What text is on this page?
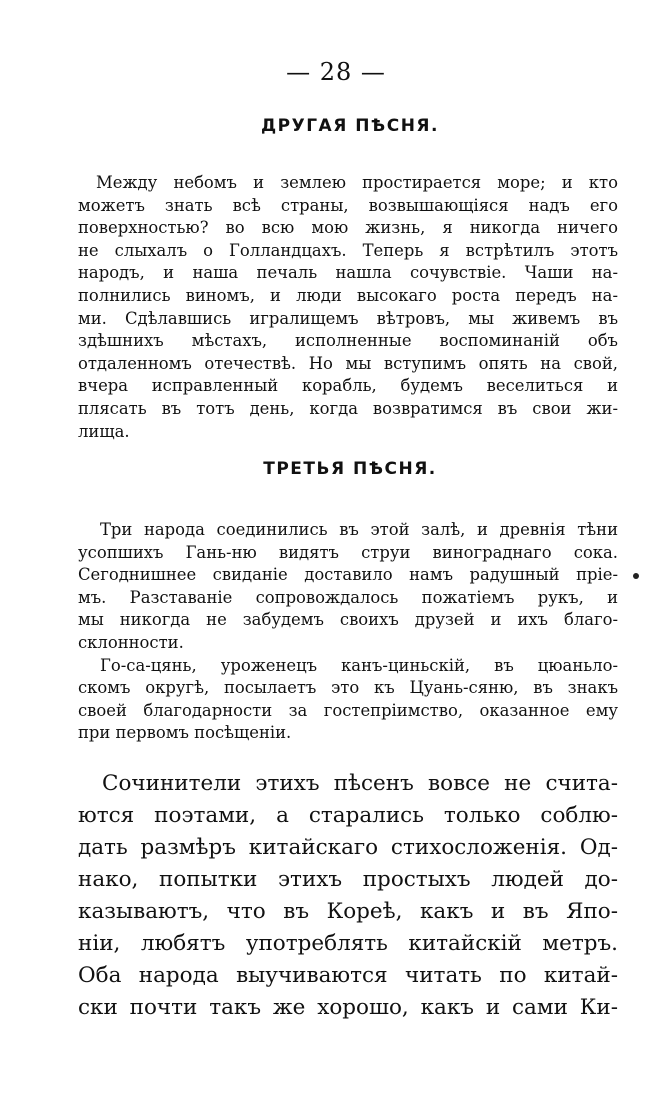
— 28 —
ДРУГАЯ ПѢСНЯ.
Между небомъ и землею простирается море; и кто
можетъ знать всѣ страны, возвышающіяся надъ его
поверхностью? во всю мою жизнь, я никогда ничего
не слыхалъ о Голландцахъ. Теперь я встрѣтилъ этотъ
народъ, и наша печаль нашла сочувствіе. Чаши на-
полнились виномъ, и люди высокаго роста передъ на-
ми. Сдѣлавшись игралищемъ вѣтровъ, мы живемъ въ
здѣшнихъ мѣстахъ, исполненные воспоминаній объ
отдаленномъ отечествѣ. Но мы вступимъ опять на свой,
вчера исправленный корабль, будемъ веселиться и
плясать въ тотъ день, когда возвратимся въ свои жи-
лища.
ТРЕТЬЯ ПѢСНЯ.
Три народа соединились въ этой залѣ, и древнія тѣни
усопшихъ Гань-ню видятъ струи винограднаго сока.
Сегоднишнее свиданіе доставило намъ радушный пріе-
мъ. Разставаніе сопровождалось пожатіемъ рукъ, и
мы никогда не забудемъ своихъ друзей и ихъ благо-
склонности.
Го-са-цянь, уроженецъ канъ-циньскій, въ цюаньло-
скомъ округѣ, посылаетъ это къ Цуань-сяню, въ знакъ
своей благодарности за гостепріимство, оказанное ему
при первомъ посѣщеніи.
Сочинители этихъ пѣсенъ вовсе не счита-
ются поэтами, а старались только соблю-
дать размѣръ китайскаго стихосложенія. Од-
нако, попытки этихъ простыхъ людей до-
казываютъ, что въ Кореѣ, какъ и въ Япо-
ніи, любятъ употреблять китайскій метръ.
Оба народа выучиваются читать по китай-
ски почти такъ же хорошо, какъ и сами Ки-
